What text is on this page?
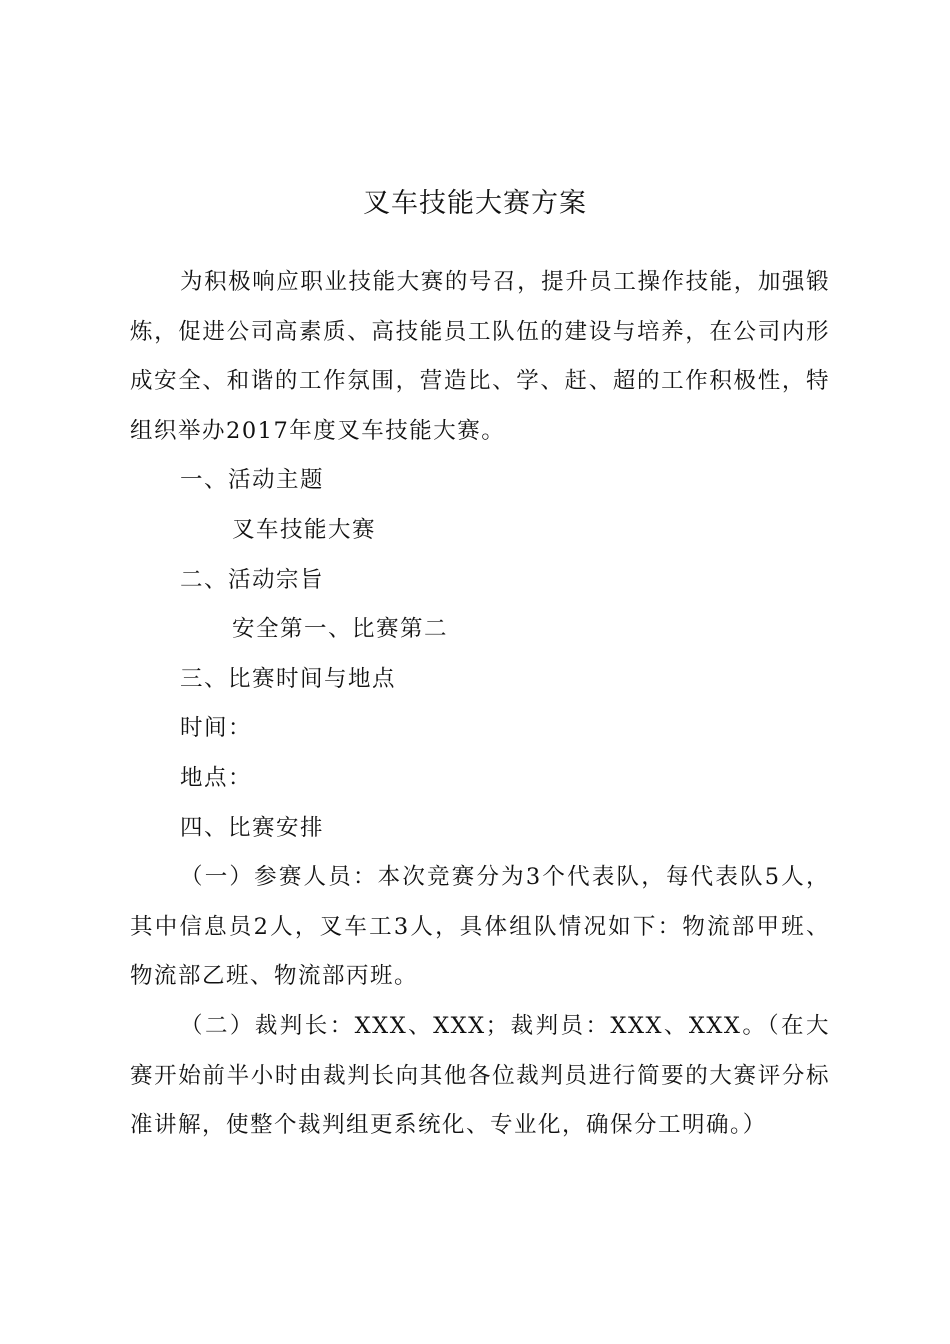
叉车技能大赛方案

为积极响应职业技能大赛的号召，提升员工操作技能，加强锻炼，促进公司高素质、高技能员工队伍的建设与培养，在公司内形成安全、和谐的工作氛围，营造比、学、赶、超的工作积极性，特组织举办2017年度叉车技能大赛。

一、活动主题

叉车技能大赛

二、活动宗旨

安全第一、比赛第二

三、比赛时间与地点

时间：

地点：

四、比赛安排

（一）参赛人员：本次竞赛分为3个代表队，每代表队5人，其中信息员2人，叉车工3人，具体组队情况如下：物流部甲班、物流部乙班、物流部丙班。

（二）裁判长：XXX、XXX；裁判员：XXX、XXX。（在大赛开始前半小时由裁判长向其他各位裁判员进行简要的大赛评分标准讲解，使整个裁判组更系统化、专业化，确保分工明确。）
